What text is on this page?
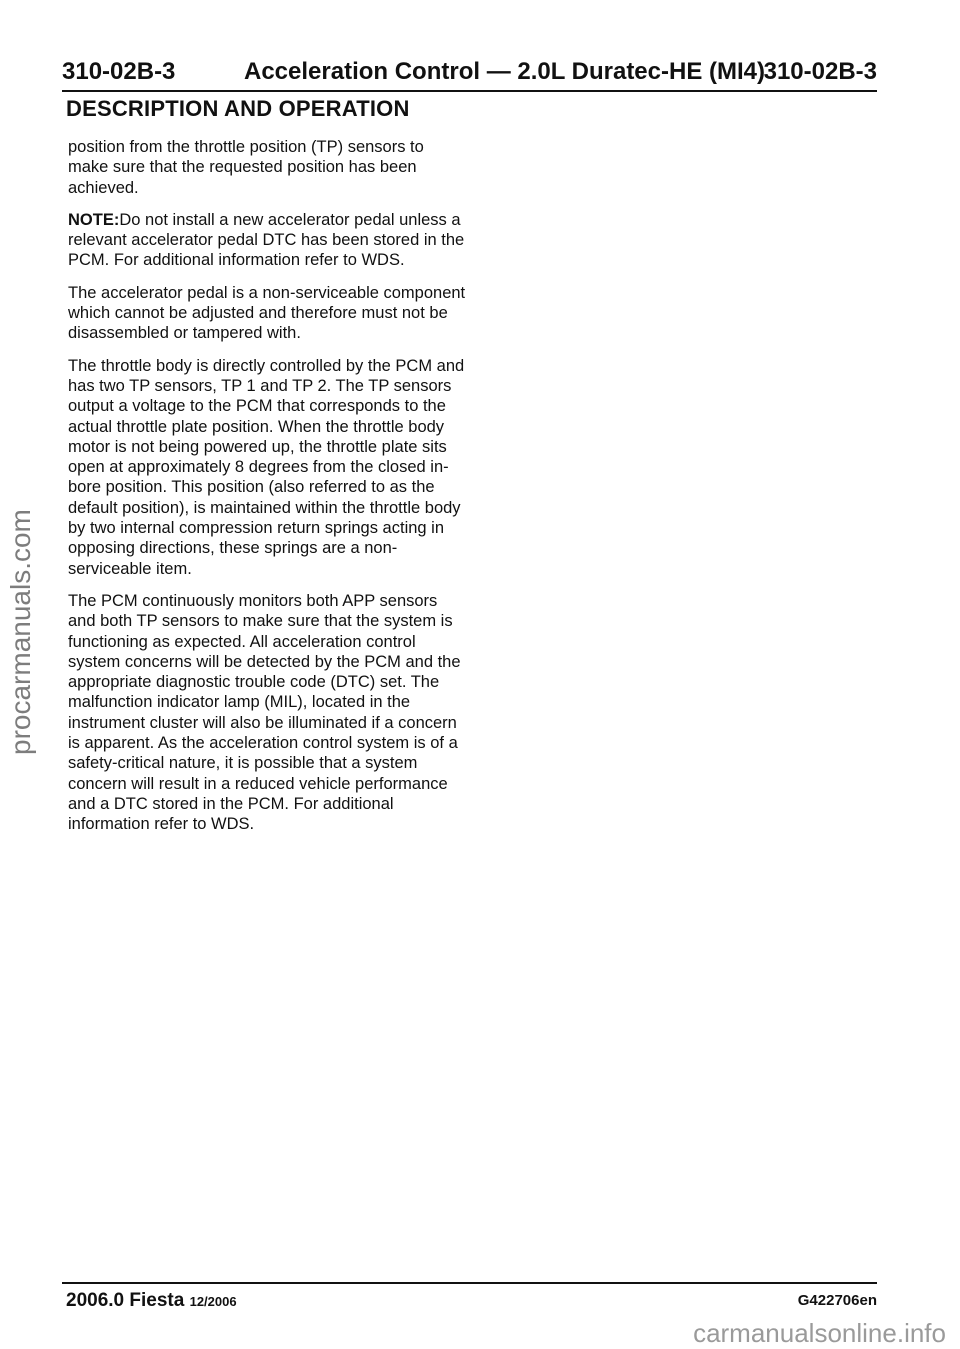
310-02B-3	Acceleration Control — 2.0L Duratec-HE (MI4)
310-02B-3
DESCRIPTION AND OPERATION

position from the throttle position (TP) sensors to make sure that the requested position has been achieved.

NOTE:Do not install a new accelerator pedal unless a relevant accelerator pedal DTC has been stored in the PCM. For additional information refer to WDS.

The accelerator pedal is a non-serviceable component which cannot be adjusted and therefore must not be disassembled or tampered with.

The throttle body is directly controlled by the PCM and has two TP sensors, TP 1 and TP 2. The TP sensors output a voltage to the PCM that corresponds to the actual throttle plate position. When the throttle body motor is not being powered up, the throttle plate sits open at approximately 8 degrees from the closed in-bore position. This position (also referred to as the default position), is maintained within the throttle body by two internal compression return springs acting in opposing directions, these springs are a non-serviceable item.

The PCM continuously monitors both APP sensors and both TP sensors to make sure that the system is functioning as expected. All acceleration control system concerns will be detected by the PCM and the appropriate diagnostic trouble code (DTC) set. The malfunction indicator lamp (MIL), located in the instrument cluster will also be illuminated if a concern is apparent. As the acceleration control system is of a safety-critical nature, it is possible that a system concern will result in a reduced vehicle performance and a DTC stored in the PCM. For additional information refer to WDS.

procarmanuals.com
2006.0 Fiesta 12/2006	G422706en
carmanualsonline.info
